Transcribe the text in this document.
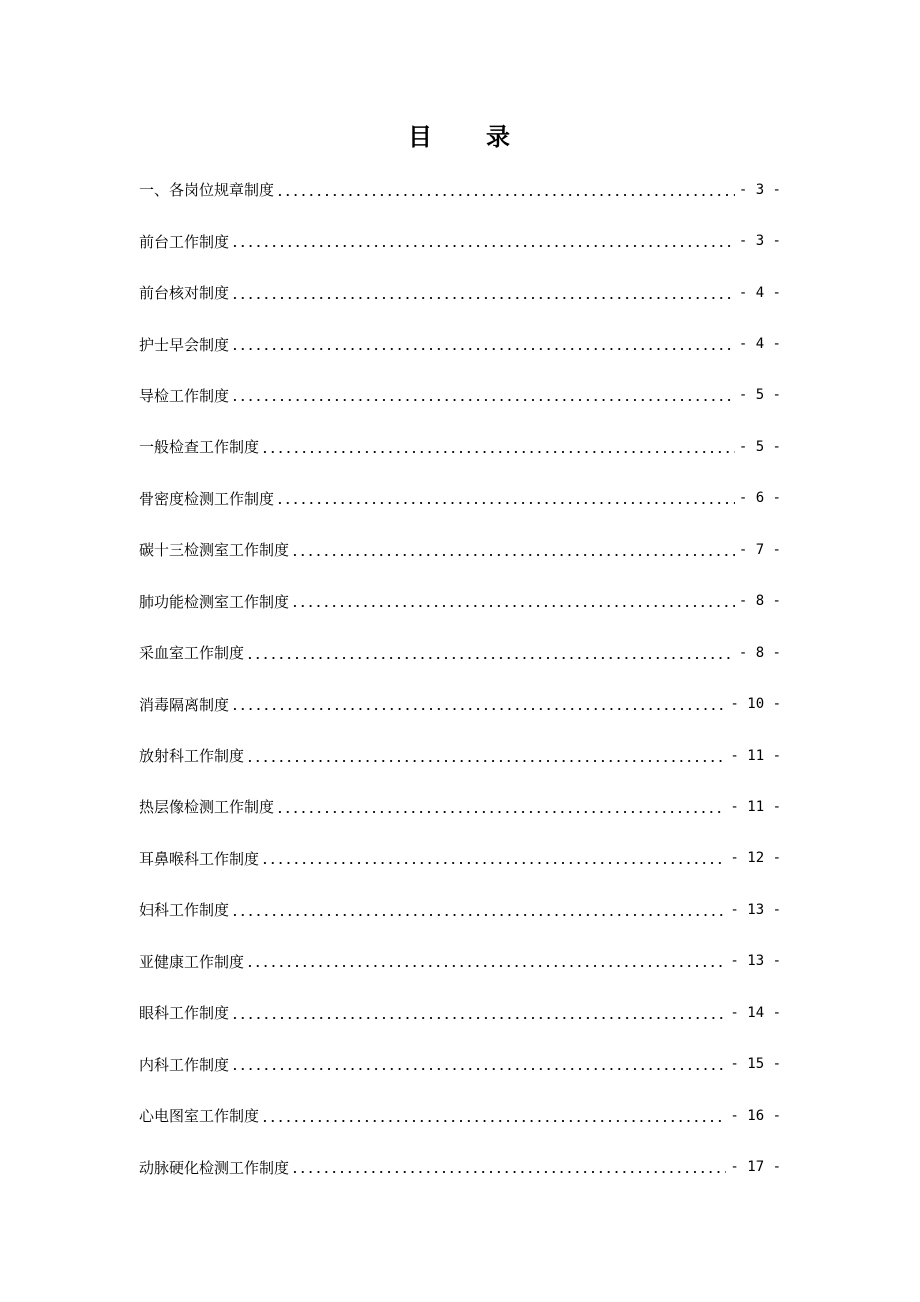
目　　录
一、各岗位规章制度	- 3 -
前台工作制度	- 3 -
前台核对制度	- 4 -
护士早会制度	- 4 -
导检工作制度	- 5 -
一般检查工作制度	- 5 -
骨密度检测工作制度	- 6 -
碳十三检测室工作制度	- 7 -
肺功能检测室工作制度	- 8 -
采血室工作制度	- 8 -
消毒隔离制度	- 10 -
放射科工作制度	- 11 -
热层像检测工作制度	- 11 -
耳鼻喉科工作制度	- 12 -
妇科工作制度	- 13 -
亚健康工作制度	- 13 -
眼科工作制度	- 14 -
内科工作制度	- 15 -
心电图室工作制度	- 16 -
动脉硬化检测工作制度	- 17 -
